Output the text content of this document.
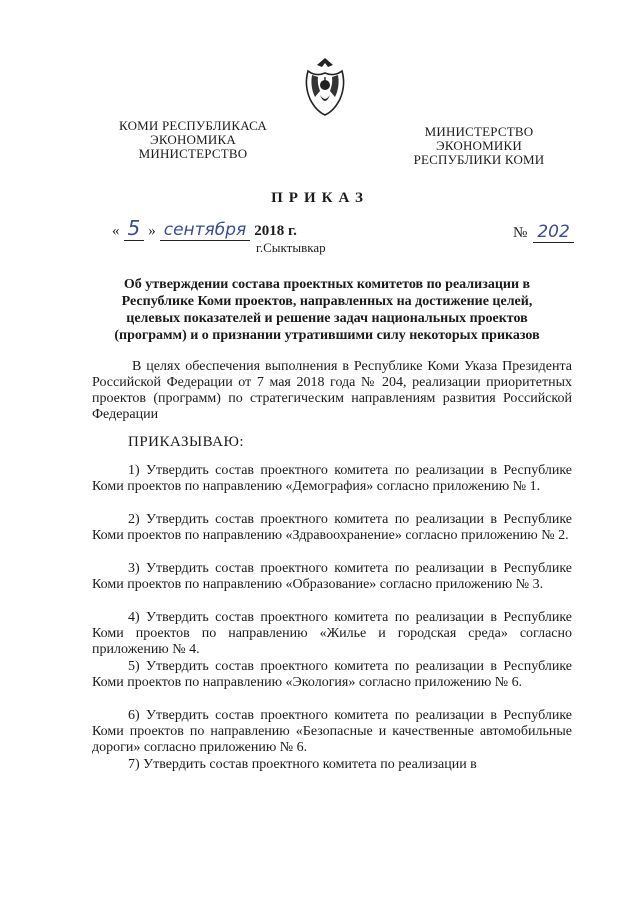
КОМИ РЕСПУБЛИКАСА
ЭКОНОМИКА
МИНИСТЕРСТВО
МИНИСТЕРСТВО
ЭКОНОМИКИ
РЕСПУБЛИКИ КОМИ
ПРИКАЗ
« 5 » сентября 2018 г.	№ 202
г.Сыктывкар
Об утверждении состава проектных комитетов по реализации в Республике Коми проектов, направленных на достижение целей, целевых показателей и решение задач национальных проектов (программ) и о признании утратившими силу некоторых приказов
В целях обеспечения выполнения в Республике Коми Указа Президента Российской Федерации от 7 мая 2018 года № 204, реализации приоритетных проектов (программ) по стратегическим направлениям развития Российской Федерации
ПРИКАЗЫВАЮ:

1) Утвердить состав проектного комитета по реализации в Республике Коми проектов по направлению «Демография» согласно приложению № 1.

2) Утвердить состав проектного комитета по реализации в Республике Коми проектов по направлению «Здравоохранение» согласно приложению № 2.

3) Утвердить состав проектного комитета по реализации в Республике Коми проектов по направлению «Образование» согласно приложению № 3.

4) Утвердить состав проектного комитета по реализации в Республике Коми проектов по направлению «Жилье и городская среда» согласно приложению № 4.

5) Утвердить состав проектного комитета по реализации в Республике Коми проектов по направлению «Экология» согласно приложению № 6.

6) Утвердить состав проектного комитета по реализации в Республике Коми проектов по направлению «Безопасные и качественные автомобильные дороги» согласно приложению № 6.

7) Утвердить состав проектного комитета по реализации в
